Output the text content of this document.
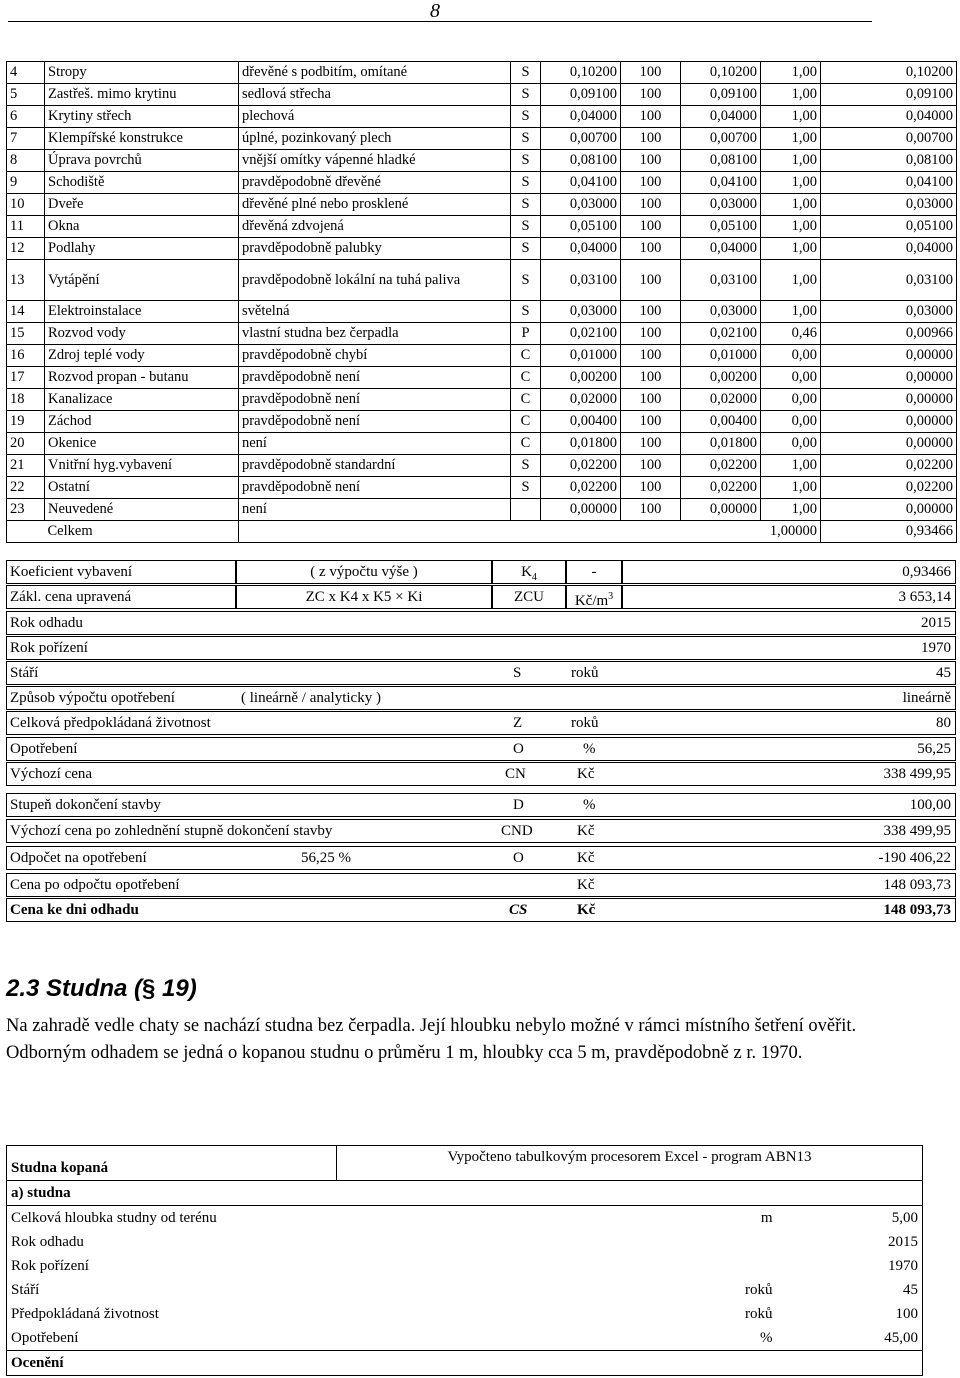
8
4	Stropy	dřevěné s podbitím, omítané	S	0,10200	100	0,10200	1,00	0,10200
5	Zastřeš. mimo krytinu	sedlová střecha	S	0,09100	100	0,09100	1,00	0,09100
6	Krytiny střech	plechová	S	0,04000	100	0,04000	1,00	0,04000
7	Klempířské konstrukce	úplné, pozinkovaný plech	S	0,00700	100	0,00700	1,00	0,00700
8	Úprava povrchů	vnější omítky vápenné hladké	S	0,08100	100	0,08100	1,00	0,08100
9	Schodiště	pravděpodobně dřevěné	S	0,04100	100	0,04100	1,00	0,04100
10	Dveře	dřevěné plné nebo prosklené	S	0,03000	100	0,03000	1,00	0,03000
11	Okna	dřevěná zdvojená	S	0,05100	100	0,05100	1,00	0,05100
12	Podlahy	pravděpodobně palubky	S	0,04000	100	0,04000	1,00	0,04000
13	Vytápění	pravděpodobně lokální na tuhá paliva	S	0,03100	100	0,03100	1,00	0,03100
14	Elektroinstalace	světelná	S	0,03000	100	0,03000	1,00	0,03000
15	Rozvod vody	vlastní studna bez čerpadla	P	0,02100	100	0,02100	0,46	0,00966
16	Zdroj teplé vody	pravděpodobně chybí	C	0,01000	100	0,01000	0,00	0,00000
17	Rozvod propan - butanu	pravděpodobně není	C	0,00200	100	0,00200	0,00	0,00000
18	Kanalizace	pravděpodobně není	C	0,02000	100	0,02000	0,00	0,00000
19	Záchod	pravděpodobně není	C	0,00400	100	0,00400	0,00	0,00000
20	Okenice	není	C	0,01800	100	0,01800	0,00	0,00000
21	Vnitřní hyg.vybavení	pravděpodobně standardní	S	0,02200	100	0,02200	1,00	0,02200
22	Ostatní	pravděpodobně není	S	0,02200	100	0,02200	1,00	0,02200
23	Neuvedené	není		0,00000	100	0,00000	1,00	0,00000
	Celkem						1,00000	0,93466
Koeficient vybavení	( z výpočtu výše )	$K_4$	-	0,93466
Zákl. cena upravená	ZC x K4 x K5 × Ki	ZCU	$Kč/m^3$	3 653,14
Rok odhadu	2015
Rok pořízení	1970
Stáří	S	roků	45
Způsob výpočtu opotřebení	( lineárně / analyticky )	lineárně
Celková předpokládaná životnost	Z	roků	80
Opotřebení	O	%	56,25
Výchozí cena	CN	Kč	338 499,95
Stupeň dokončení stavby	D	%	100,00
Výchozí cena po zohlednění stupně dokončení stavby	CND	Kč	338 499,95
Odpočet na opotřebení	56,25 %	O	Kč	-190 406,22
Cena po odpočtu opotřebení	Kč	148 093,73
Cena ke dni odhadu	CS	Kč	148 093,73
2.3 Studna (§ 19)
Na zahradě vedle chaty se nachází studna bez čerpadla. Její hloubku nebylo možné v rámci místního šetření ověřit. Odborným odhadem se jedná o kopanou studnu o průměru 1 m, hloubky cca 5 m, pravděpodobně z r. 1970.
Studna kopaná	Vypočteno tabulkovým procesorem Excel - program ABN13	
a) studna		
Celková hloubka studny od terénu	m	5,00
Rok odhadu		2015
Rok pořízení		1970
Stáří	roků	45
Předpokládaná životnost	roků	100
Opotřebení	%	45,00
Ocenění		
